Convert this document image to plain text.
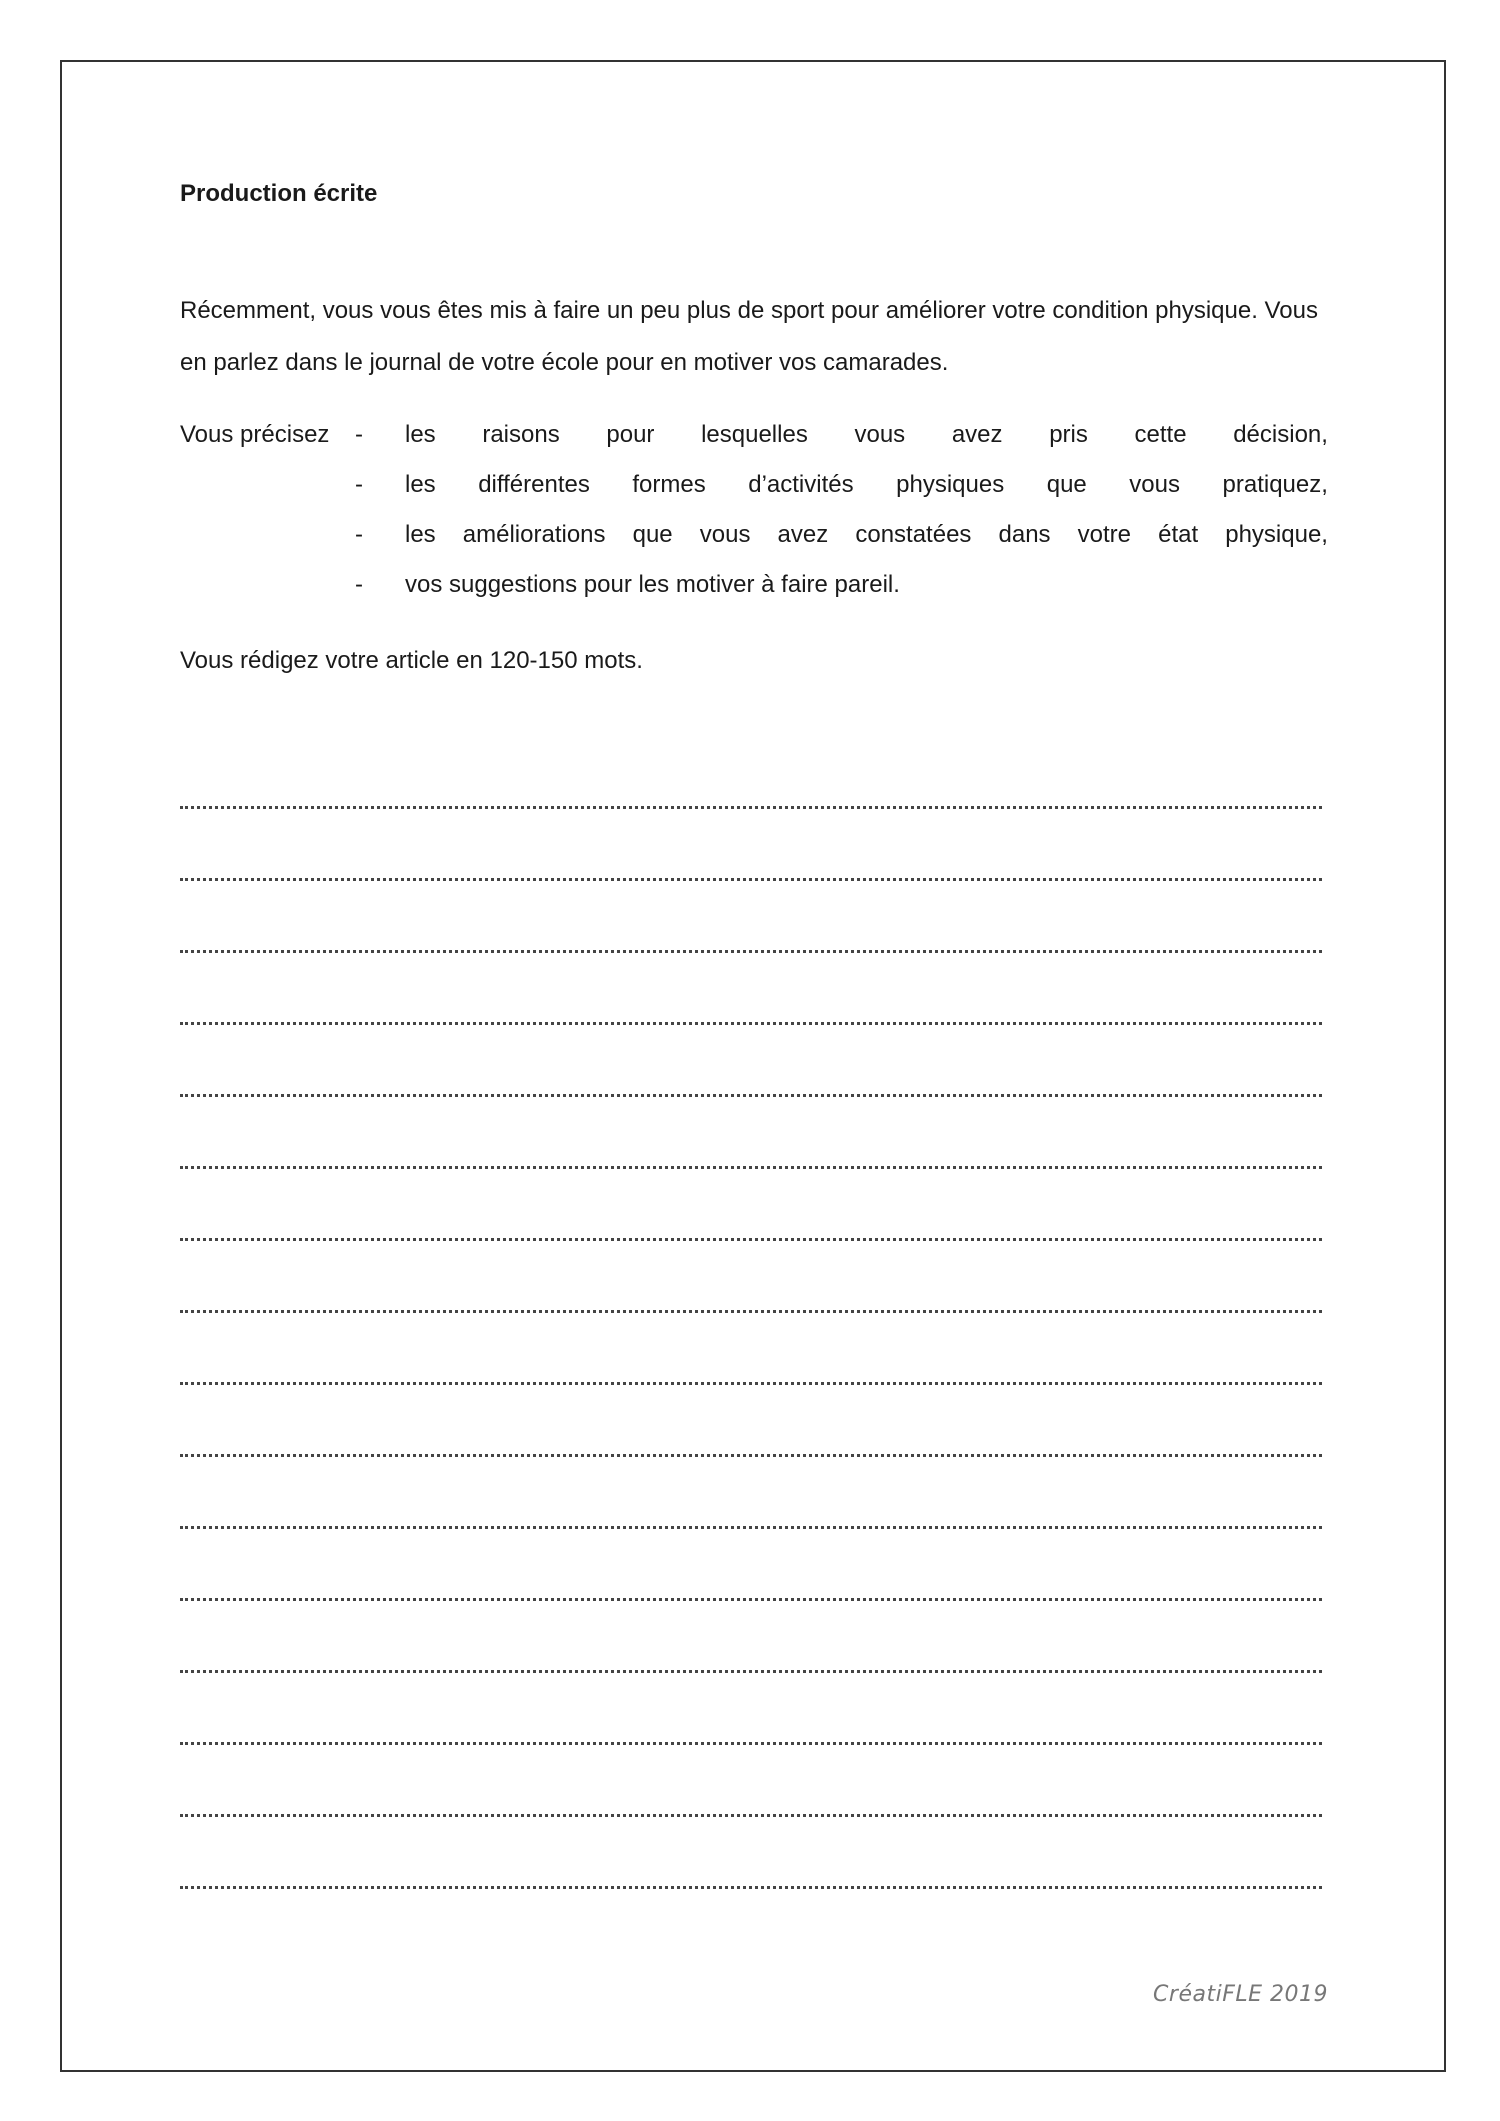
Production écrite

Récemment, vous vous êtes mis à faire un peu plus de sport pour améliorer votre condition physique. Vous en parlez dans le journal de votre école pour en motiver vos camarades.

Vous précisez - les raisons pour lesquelles vous avez pris cette décision,
- les différentes formes d’activités physiques que vous pratiquez,
- les améliorations que vous avez constatées dans votre état physique,
- vos suggestions pour les motiver à faire pareil.

Vous rédigez votre article en 120-150 mots.

CréatiFLE 2019
